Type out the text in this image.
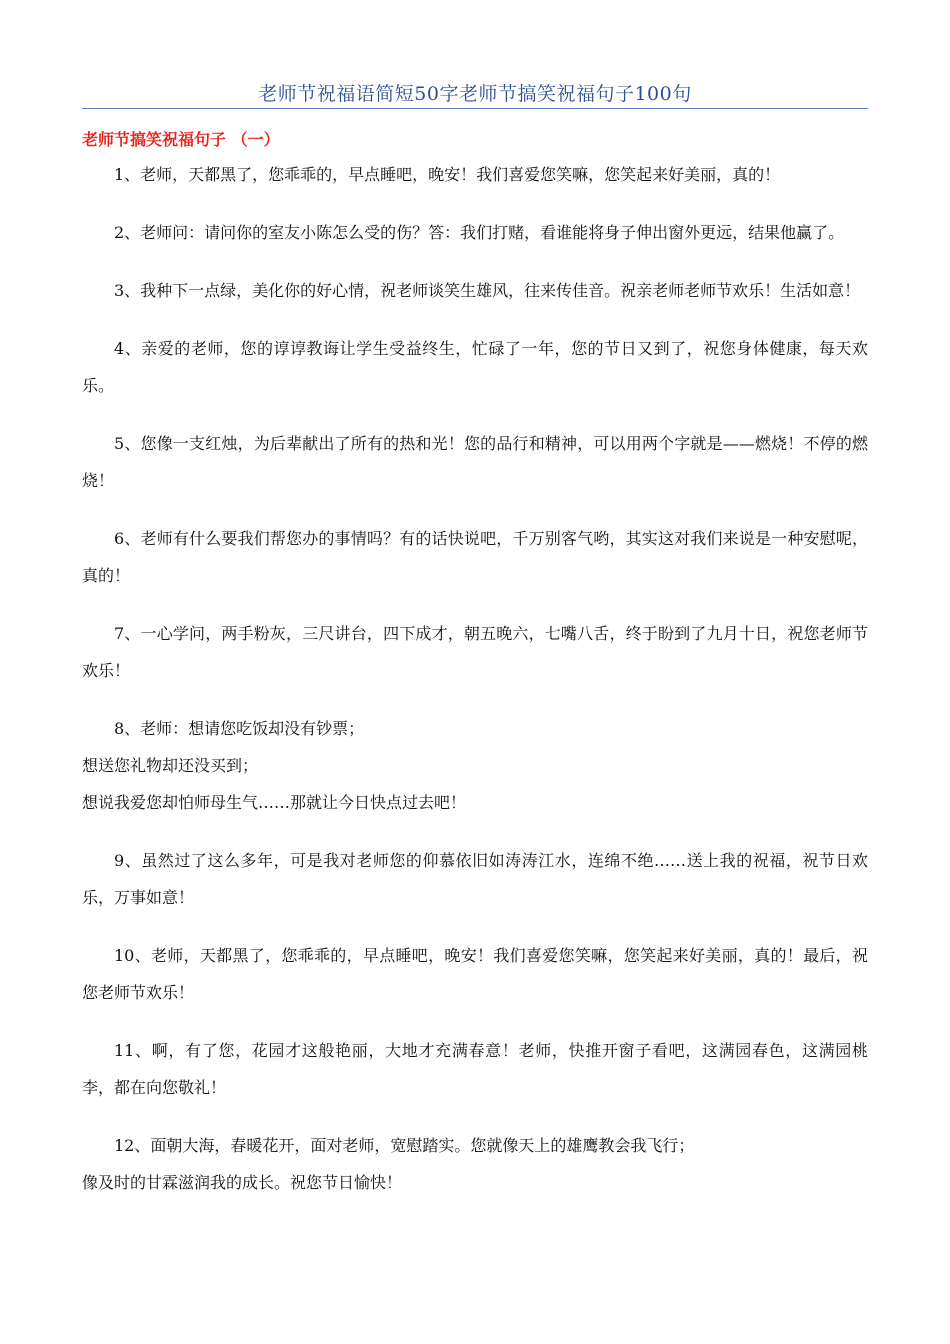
老师节祝福语简短50字老师节搞笑祝福句子100句
老师节搞笑祝福句子 （一）
1、老师，天都黑了，您乖乖的，早点睡吧，晚安！我们喜爱您笑嘛，您笑起来好美丽，真的！
2、老师问：请问你的室友小陈怎么受的伤？答：我们打赌，看谁能将身子伸出窗外更远，结果他赢了。
3、我种下一点绿，美化你的好心情，祝老师谈笑生雄风，往来传佳音。祝亲老师老师节欢乐！生活如意！
4、亲爱的老师，您的谆谆教诲让学生受益终生，忙碌了一年，您的节日又到了，祝您身体健康，每天欢乐。
5、您像一支红烛，为后辈献出了所有的热和光！您的品行和精神，可以用两个字就是——燃烧！不停的燃烧！
6、老师有什么要我们帮您办的事情吗？有的话快说吧，千万别客气哟，其实这对我们来说是一种安慰呢，真的！
7、一心学问，两手粉灰，三尺讲台，四下成才，朝五晚六，七嘴八舌，终于盼到了九月十日，祝您老师节欢乐！
8、老师：想请您吃饭却没有钞票；
想送您礼物却还没买到；
想说我爱您却怕师母生气……那就让今日快点过去吧！
9、虽然过了这么多年，可是我对老师您的仰慕依旧如涛涛江水，连绵不绝……送上我的祝福，祝节日欢乐，万事如意！
10、老师，天都黑了，您乖乖的，早点睡吧，晚安！我们喜爱您笑嘛，您笑起来好美丽，真的！最后，祝您老师节欢乐！
11、啊，有了您，花园才这般艳丽，大地才充满春意！老师，快推开窗子看吧，这满园春色，这满园桃李，都在向您敬礼！
12、面朝大海，春暖花开，面对老师，宽慰踏实。您就像天上的雄鹰教会我飞行；
像及时的甘霖滋润我的成长。祝您节日愉快！
